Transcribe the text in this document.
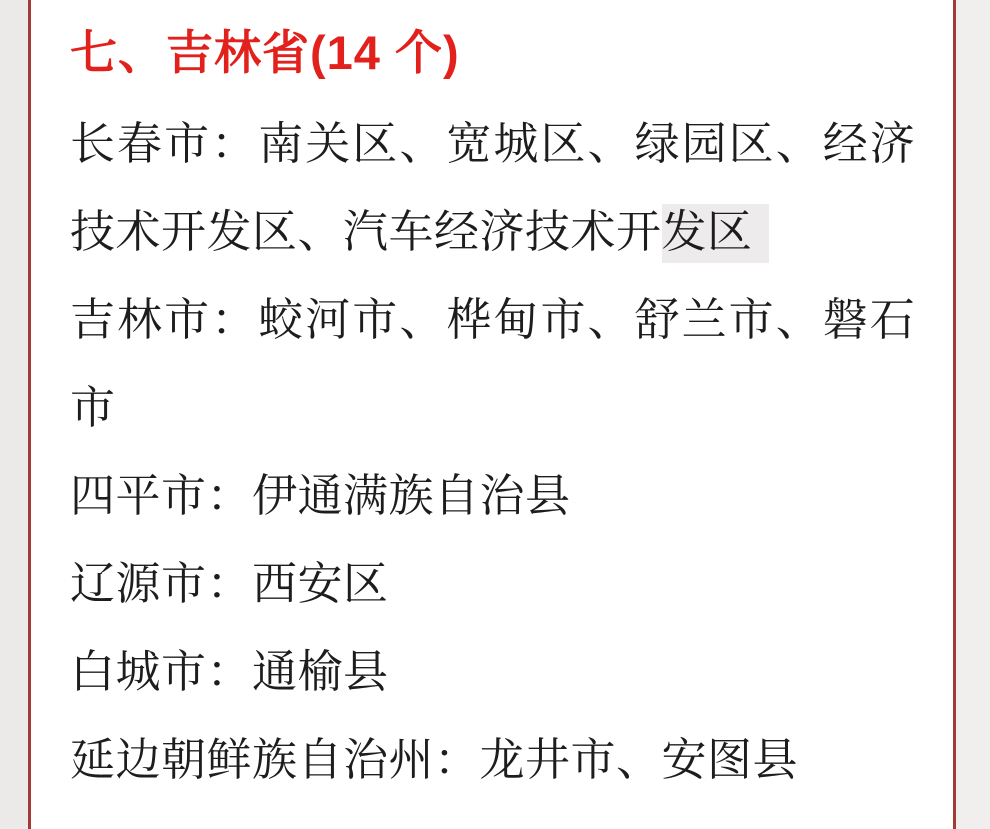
七、吉林省(14 个)
长 春 市 ： 南 关 区 、 宽 城 区 、 绿 园 区 、 经 济
技术开发区、汽车经济技术开发区
吉 林 市 ： 蛟 河 市 、 桦 甸 市 、 舒 兰 市 、 磐 石
市
四平市：伊通满族自治县
辽源市：西安区
白城市：通榆县
延边朝鲜族自治州：龙井市、安图县
